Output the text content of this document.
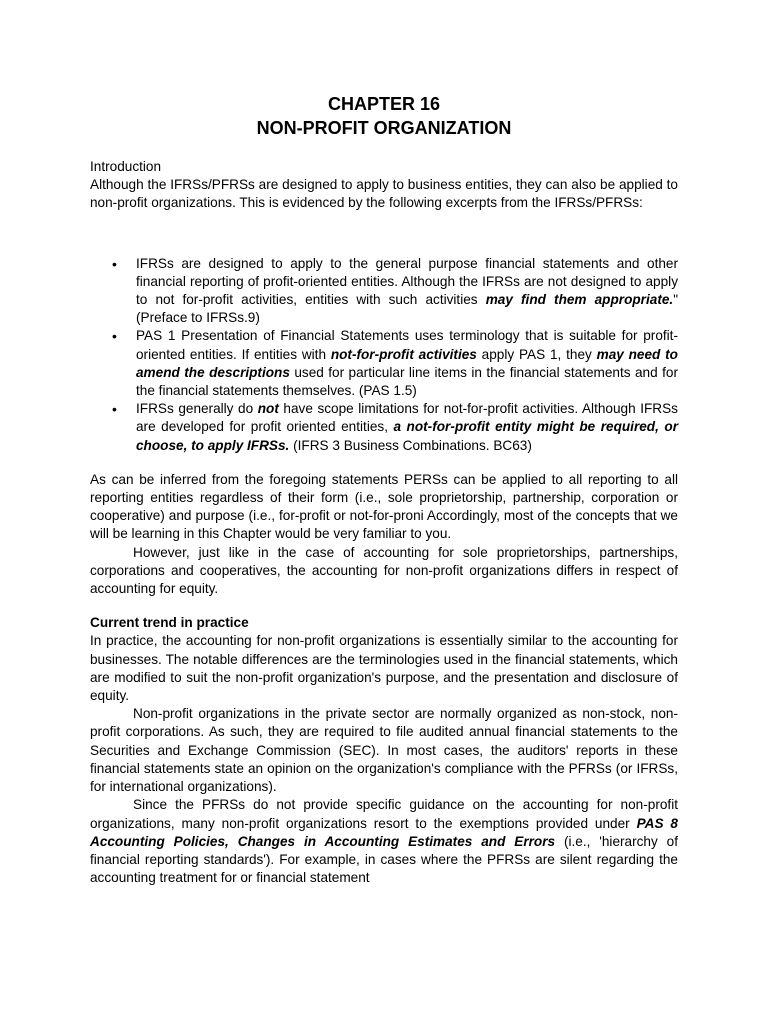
CHAPTER 16
NON-PROFIT ORGANIZATION

Introduction

Although the IFRSs/PFRSs are designed to apply to business entities, they can also be applied to non-profit organizations. This is evidenced by the following excerpts from the IFRSs/PFRSs:

• IFRSs are designed to apply to the general purpose financial statements and other financial reporting of profit-oriented entities. Although the IFRSs are not designed to apply to not for-profit activities, entities with such activities may find them appropriate." (Preface to IFRSs.9)
• PAS 1 Presentation of Financial Statements uses terminology that is suitable for profit-oriented entities. If entities with not-for-profit activities apply PAS 1, they may need to amend the descriptions used for particular line items in the financial statements and for the financial statements themselves. (PAS 1.5)
• IFRSs generally do not have scope limitations for not-for-profit activities. Although IFRSs are developed for profit oriented entities, a not-for-profit entity might be required, or choose, to apply IFRSs. (IFRS 3 Business Combinations. BC63)

As can be inferred from the foregoing statements PERSs can be applied to all reporting to all reporting entities regardless of their form (i.e., sole proprietorship, partnership, corporation or cooperative) and purpose (i.e., for-profit or not-for-proni Accordingly, most of the concepts that we will be learning in this Chapter would be very familiar to you.

However, just like in the case of accounting for sole proprietorships, partnerships, corporations and cooperatives, the accounting for non-profit organizations differs in respect of accounting for equity.

Current trend in practice

In practice, the accounting for non-profit organizations is essentially similar to the accounting for businesses. The notable differences are the terminologies used in the financial statements, which are modified to suit the non-profit organization's purpose, and the presentation and disclosure of equity.

Non-profit organizations in the private sector are normally organized as non-stock, non-profit corporations. As such, they are required to file audited annual financial statements to the Securities and Exchange Commission (SEC). In most cases, the auditors' reports in these financial statements state an opinion on the organization's compliance with the PFRSs (or IFRSs, for international organizations).

Since the PFRSs do not provide specific guidance on the accounting for non-profit organizations, many non-profit organizations resort to the exemptions provided under PAS 8 Accounting Policies, Changes in Accounting Estimates and Errors (i.e., 'hierarchy of financial reporting standards'). For example, in cases where the PFRSs are silent regarding the accounting treatment for or financial statement
